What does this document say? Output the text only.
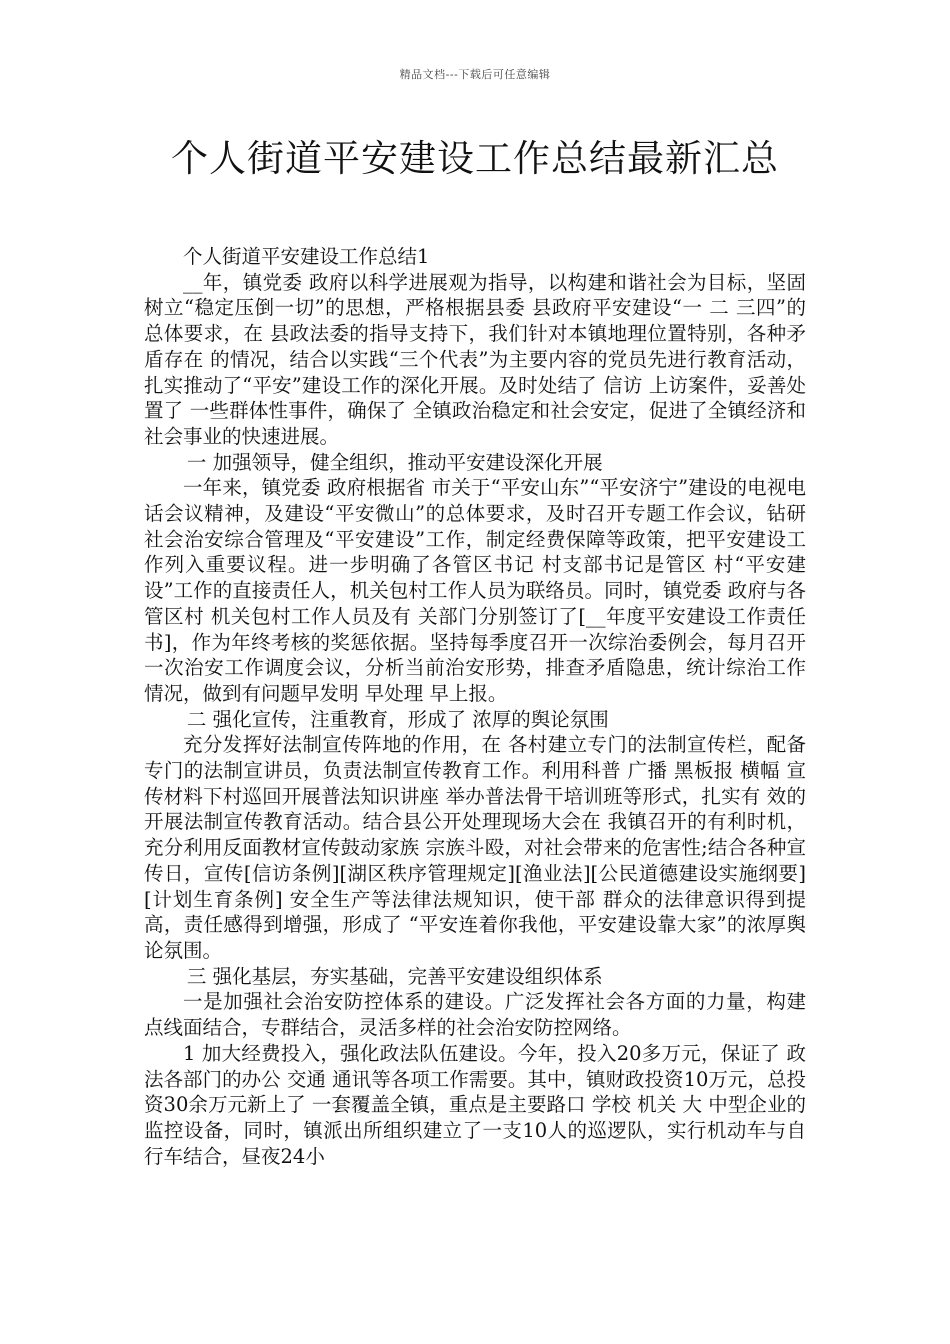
精品文档---下载后可任意编辑
个人街道平安建设工作总结最新汇总

个人街道平安建设工作总结1

__年，镇党委 政府以科学进展观为指导，以构建和谐社会为目标，坚固树立“稳定压倒一切”的思想，严格根据县委 县政府平安建设“一 二 三四”的总体要求，在 县政法委的指导支持下，我们针对本镇地理位置特别，各种矛盾存在 的情况，结合以实践“三个代表”为主要内容的党员先进行教育活动，扎实推动了“平安”建设工作的深化开展。及时处结了 信访 上访案件，妥善处置了 一些群体性事件，确保了 全镇政治稳定和社会安定，促进了全镇经济和社会事业的快速进展。

一 加强领导，健全组织，推动平安建设深化开展

一年来，镇党委 政府根据省 市关于“平安山东”“平安济宁”建设的电视电话会议精神，及建设“平安微山”的总体要求，及时召开专题工作会议，钻研社会治安综合管理及“平安建设”工作，制定经费保障等政策，把平安建设工作列入重要议程。进一步明确了各管区书记 村支部书记是管区 村“平安建设”工作的直接责任人，机关包村工作人员为联络员。同时，镇党委 政府与各管区村 机关包村工作人员及有 关部门分别签订了[__年度平安建设工作责任书]，作为年终考核的奖惩依据。坚持每季度召开一次综治委例会，每月召开一次治安工作调度会议，分析当前治安形势，排查矛盾隐患，统计综治工作情况，做到有问题早发明 早处理 早上报。

二 强化宣传，注重教育，形成了 浓厚的舆论氛围

充分发挥好法制宣传阵地的作用，在 各村建立专门的法制宣传栏，配备专门的法制宣讲员，负责法制宣传教育工作。利用科普 广播 黑板报 横幅 宣传材料下村巡回开展普法知识讲座 举办普法骨干培训班等形式，扎实有 效的开展法制宣传教育活动。结合县公开处理现场大会在 我镇召开的有利时机，充分利用反面教材宣传鼓动家族 宗族斗殴，对社会带来的危害性;结合各种宣传日，宣传[信访条例][湖区秩序管理规定][渔业法][公民道德建设实施纲要][计划生育条例] 安全生产等法律法规知识，使干部 群众的法律意识得到提高，责任感得到增强，形成了 “平安连着你我他，平安建设靠大家”的浓厚舆论氛围。

三 强化基层，夯实基础，完善平安建设组织体系

一是加强社会治安防控体系的建设。广泛发挥社会各方面的力量，构建点线面结合，专群结合，灵活多样的社会治安防控网络。

1 加大经费投入，强化政法队伍建设。今年，投入20多万元，保证了 政法各部门的办公 交通 通讯等各项工作需要。其中，镇财政投资10万元，总投资30余万元新上了 一套覆盖全镇，重点是主要路口 学校 机关 大 中型企业的监控设备，同时，镇派出所组织建立了一支10人的巡逻队，实行机动车与自行车结合，昼夜24小
